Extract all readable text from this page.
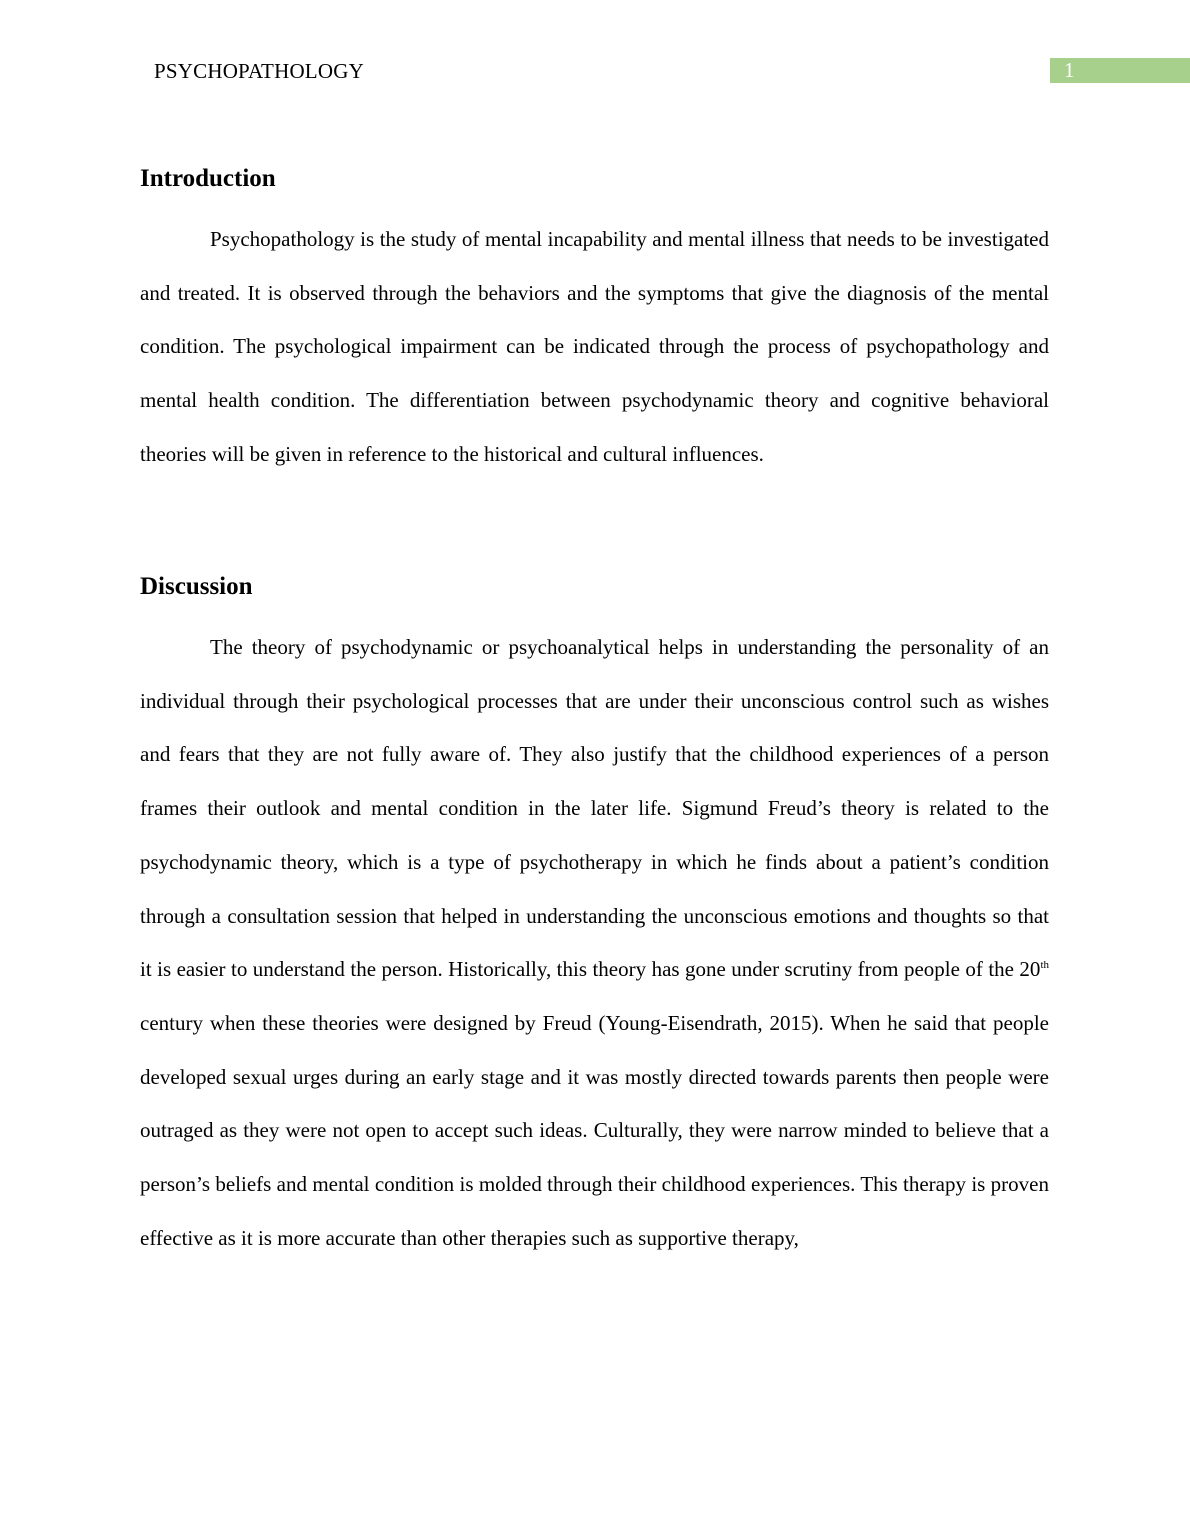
PSYCHOPATHOLOGY	1
Introduction

Psychopathology is the study of mental incapability and mental illness that needs to be investigated and treated. It is observed through the behaviors and the symptoms that give the diagnosis of the mental condition. The psychological impairment can be indicated through the process of psychopathology and mental health condition. The differentiation between psychodynamic theory and cognitive behavioral theories will be given in reference to the historical and cultural influences.

Discussion

The theory of psychodynamic or psychoanalytical helps in understanding the personality of an individual through their psychological processes that are under their unconscious control such as wishes and fears that they are not fully aware of. They also justify that the childhood experiences of a person frames their outlook and mental condition in the later life. Sigmund Freud’s theory is related to the psychodynamic theory, which is a type of psychotherapy in which he finds about a patient’s condition through a consultation session that helped in understanding the unconscious emotions and thoughts so that it is easier to understand the person. Historically, this theory has gone under scrutiny from people of the 20th century when these theories were designed by Freud (Young-Eisendrath, 2015). When he said that people developed sexual urges during an early stage and it was mostly directed towards parents then people were outraged as they were not open to accept such ideas. Culturally, they were narrow minded to believe that a person’s beliefs and mental condition is molded through their childhood experiences. This therapy is proven effective as it is more accurate than other therapies such as supportive therapy,
